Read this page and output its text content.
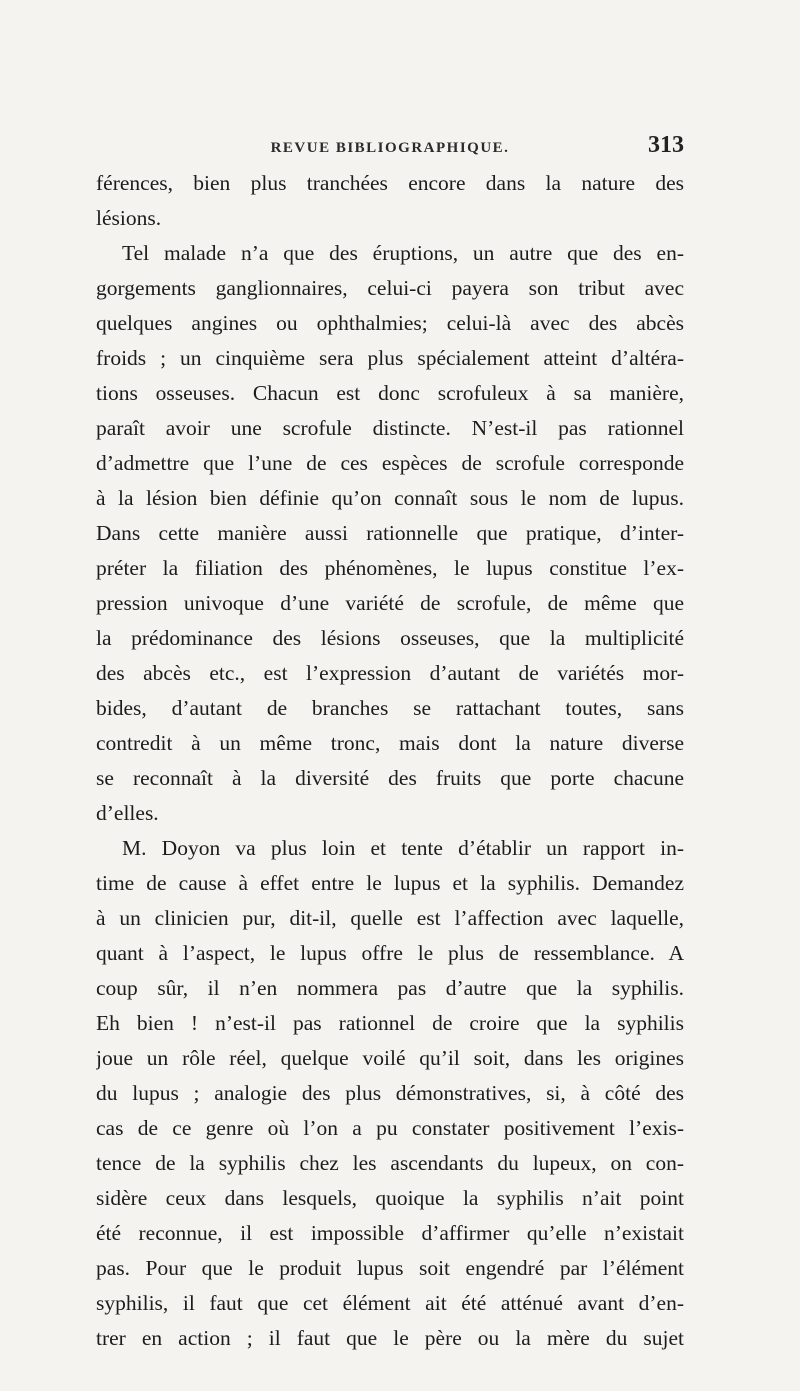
REVUE BIBLIOGRAPHIQUE.	313
férences, bien plus tranchées encore dans la nature des
lésions.
Tel malade n’a que des éruptions, un autre que des en-
gorgements ganglionnaires, celui-ci payera son tribut avec
quelques angines ou ophthalmies; celui-là avec des abcès
froids ; un cinquième sera plus spécialement atteint d’altéra-
tions osseuses. Chacun est donc scrofuleux à sa manière,
paraît avoir une scrofule distincte. N’est-il pas rationnel
d’admettre que l’une de ces espèces de scrofule corresponde
à la lésion bien définie qu’on connaît sous le nom de lupus.
Dans cette manière aussi rationnelle que pratique, d’inter-
préter la filiation des phénomènes, le lupus constitue l’ex-
pression univoque d’une variété de scrofule, de même que
la prédominance des lésions osseuses, que la multiplicité
des abcès etc., est l’expression d’autant de variétés mor-
bides, d’autant de branches se rattachant toutes, sans
contredit à un même tronc, mais dont la nature diverse
se reconnaît à la diversité des fruits que porte chacune
d’elles.
M. Doyon va plus loin et tente d’établir un rapport in-
time de cause à effet entre le lupus et la syphilis. Demandez
à un clinicien pur, dit-il, quelle est l’affection avec laquelle,
quant à l’aspect, le lupus offre le plus de ressemblance. A
coup sûr, il n’en nommera pas d’autre que la syphilis.
Eh bien ! n’est-il pas rationnel de croire que la syphilis
joue un rôle réel, quelque voilé qu’il soit, dans les origines
du lupus ; analogie des plus démonstratives, si, à côté des
cas de ce genre où l’on a pu constater positivement l’exis-
tence de la syphilis chez les ascendants du lupeux, on con-
sidère ceux dans lesquels, quoique la syphilis n’ait point
été reconnue, il est impossible d’affirmer qu’elle n’existait
pas. Pour que le produit lupus soit engendré par l’élément
syphilis, il faut que cet élément ait été atténué avant d’en-
trer en action ; il faut que le père ou la mère du sujet
